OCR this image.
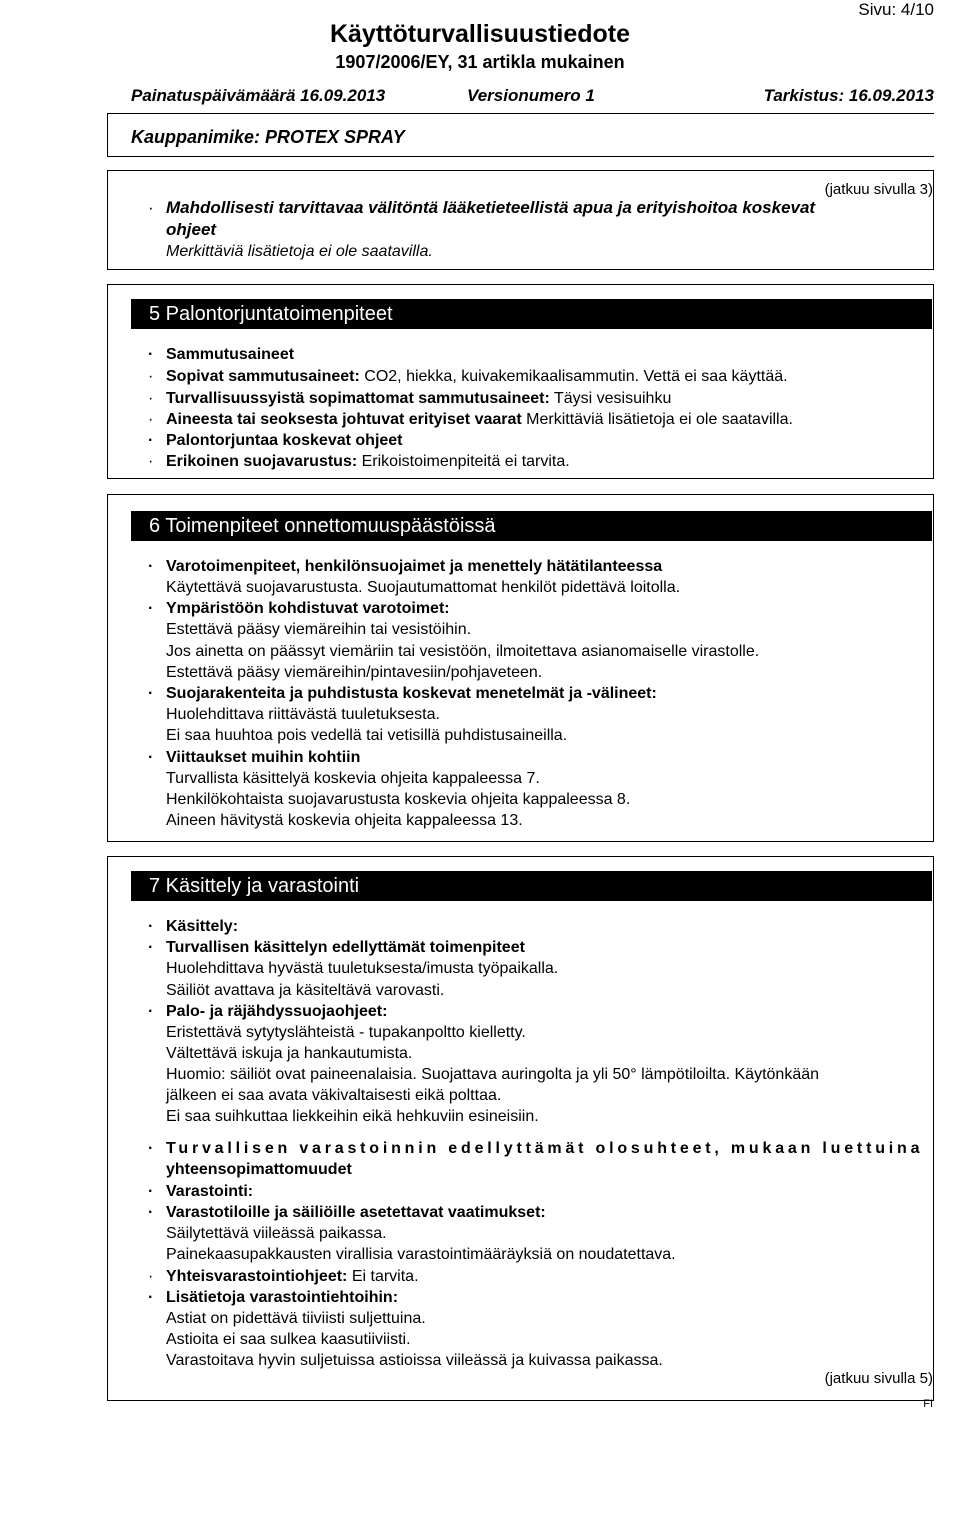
Sivu: 4/10
Käyttöturvallisuustiedote
1907/2006/EY, 31 artikla mukainen
Painatuspäivämäärä 16.09.2013	Versionumero 1	Tarkistus: 16.09.2013
Kauppanimike: PROTEX SPRAY
(jatkuu sivulla 3)
· Mahdollisesti tarvittavaa välitöntä lääketieteellistä apua ja erityishoitoa koskevat
ohjeet
Merkittäviä lisätietoja ei ole saatavilla.
5 Palontorjuntatoimenpiteet
· Sammutusaineet
· Sopivat sammutusaineet: CO2, hiekka, kuivakemikaalisammutin. Vettä ei saa käyttää.
· Turvallisuussyistä sopimattomat sammutusaineet: Täysi vesisuihku
· Aineesta tai seoksesta johtuvat erityiset vaarat Merkittäviä lisätietoja ei ole saatavilla.
· Palontorjuntaa koskevat ohjeet
· Erikoinen suojavarustus: Erikoistoimenpiteitä ei tarvita.
6 Toimenpiteet onnettomuuspäästöissä
· Varotoimenpiteet, henkilönsuojaimet ja menettely hätätilanteessa
Käytettävä suojavarustusta. Suojautumattomat henkilöt pidettävä loitolla.
· Ympäristöön kohdistuvat varotoimet:
Estettävä pääsy viemäreihin tai vesistöihin.
Jos ainetta on päässyt viemäriin tai vesistöön, ilmoitettava asianomaiselle virastolle.
Estettävä pääsy viemäreihin/pintavesiin/pohjaveteen.
· Suojarakenteita ja puhdistusta koskevat menetelmät ja -välineet:
Huolehdittava riittävästä tuuletuksesta.
Ei saa huuhtoa pois vedellä tai vetisillä puhdistusaineilla.
· Viittaukset muihin kohtiin
Turvallista käsittelyä koskevia ohjeita kappaleessa 7.
Henkilökohtaista suojavarustusta koskevia ohjeita kappaleessa 8.
Aineen hävitystä koskevia ohjeita kappaleessa 13.
7 Käsittely ja varastointi
· Käsittely:
· Turvallisen käsittelyn edellyttämät toimenpiteet
Huolehdittava hyvästä tuuletuksesta/imusta työpaikalla.
Säiliöt avattava ja käsiteltävä varovasti.
· Palo- ja räjähdyssuojaohjeet:
Eristettävä sytytyslähteistä - tupakanpoltto kielletty.
Vältettävä iskuja ja hankautumista.
Huomio: säiliöt ovat paineenalaisia. Suojattava auringolta ja yli 50° lämpötiloilta. Käytönkään
jälkeen ei saa avata väkivaltaisesti eikä polttaa.
Ei saa suihkuttaa liekkeihin eikä hehkuviin esineisiin.
· Turvallisen varastoinnin edellyttämät olosuhteet, mukaan luettuina
yhteensopimattomuudet
· Varastointi:
· Varastotiloille ja säiliöille asetettavat vaatimukset:
Säilytettävä viileässä paikassa.
Painekaasupakkausten virallisia varastointimääräyksiä on noudatettava.
· Yhteisvarastointiohjeet: Ei tarvita.
· Lisätietoja varastointiehtoihin:
Astiat on pidettävä tiiviisti suljettuina.
Astioita ei saa sulkea kaasutiiviisti.
Varastoitava hyvin suljetuissa astioissa viileässä ja kuivassa paikassa.
(jatkuu sivulla 5)
FI
